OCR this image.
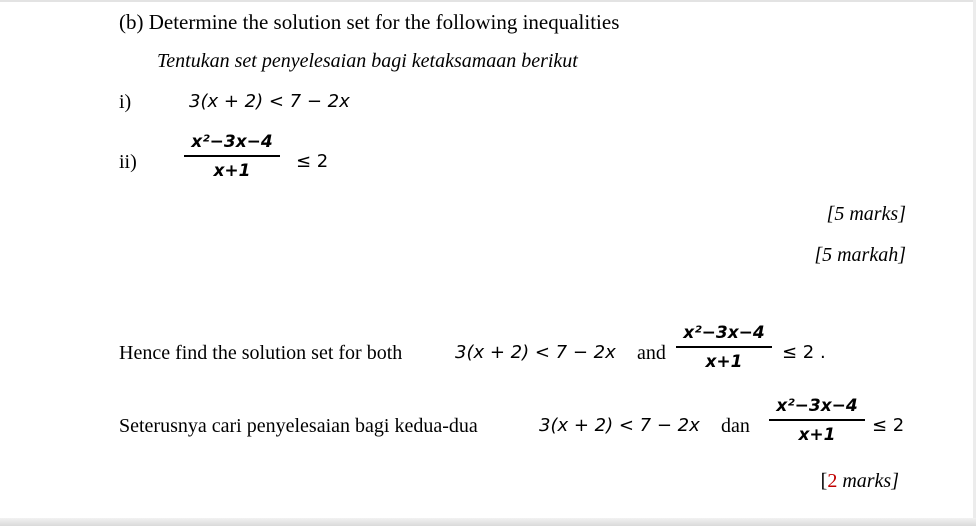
(b) Determine the solution set for the following inequalities
Tentukan set penyelesaian bagi ketaksamaan berikut
i)	3(x + 2) < 7 − 2x
ii)
x²−3x−4
x+1	≤ 2
[5 marks]
[5 markah]
Hence find the solution set for both	3(x + 2) < 7 − 2x and
x²−3x−4
x+1	≤ 2 .
Seterusnya cari penyelesaian bagi kedua-dua	3(x + 2) < 7 − 2x dan
x²−3x−4
x+1	≤ 2
[2 marks]
